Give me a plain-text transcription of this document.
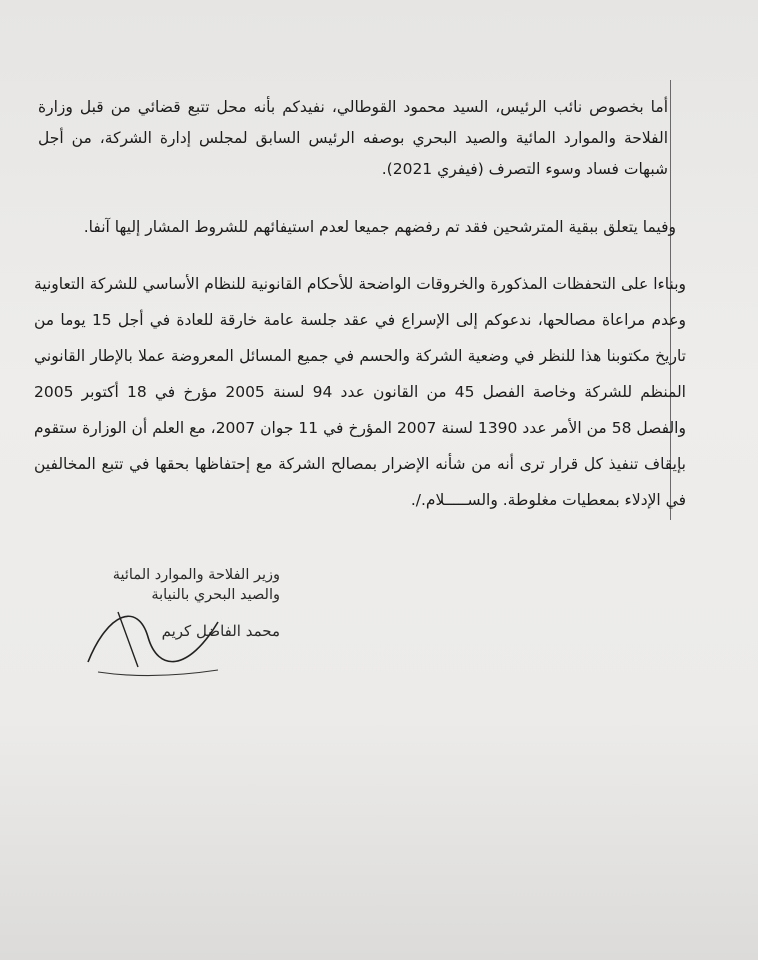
أما بخصوص نائب الرئيس، السيد محمود القوطالي، نفيدكم بأنه محل تتبع قضائي من قبل وزارة الفلاحة والموارد المائية والصيد البحري بوصفه الرئيس السابق لمجلس إدارة الشركة، من أجل شبهات فساد وسوء التصرف (فيفري 2021).

وفيما يتعلق ببقية المترشحين فقد تم رفضهم جميعا لعدم استيفائهم للشروط المشار إليها آنفا.

وبناءا على التحفظات المذكورة والخروقات الواضحة للأحكام القانونية للنظام الأساسي للشركة التعاونية وعدم مراعاة مصالحها، ندعوكم إلى الإسراع في عقد جلسة عامة خارقة للعادة في أجل 15 يوما من تاريخ مكتوبنا هذا للنظر في وضعية الشركة والحسم في جميع المسائل المعروضة عملا بالإطار القانوني المنظم للشركة وخاصة الفصل 45 من القانون عدد 94 لسنة 2005 مؤرخ في 18 أكتوبر 2005 والفصل 58 من الأمر عدد 1390 لسنة 2007 المؤرخ في 11 جوان 2007، مع العلم أن الوزارة ستقوم بإيقاف تنفيذ كل قرار ترى أنه من شأنه الإضرار بمصالح الشركة مع إحتفاظها بحقها في تتبع المخالفين في الإدلاء بمعطيات مغلوطة. والســـــلام./.

وزير الفلاحة والموارد المائية
والصيد البحري بالنيابة
محمد الفاضل كريم
